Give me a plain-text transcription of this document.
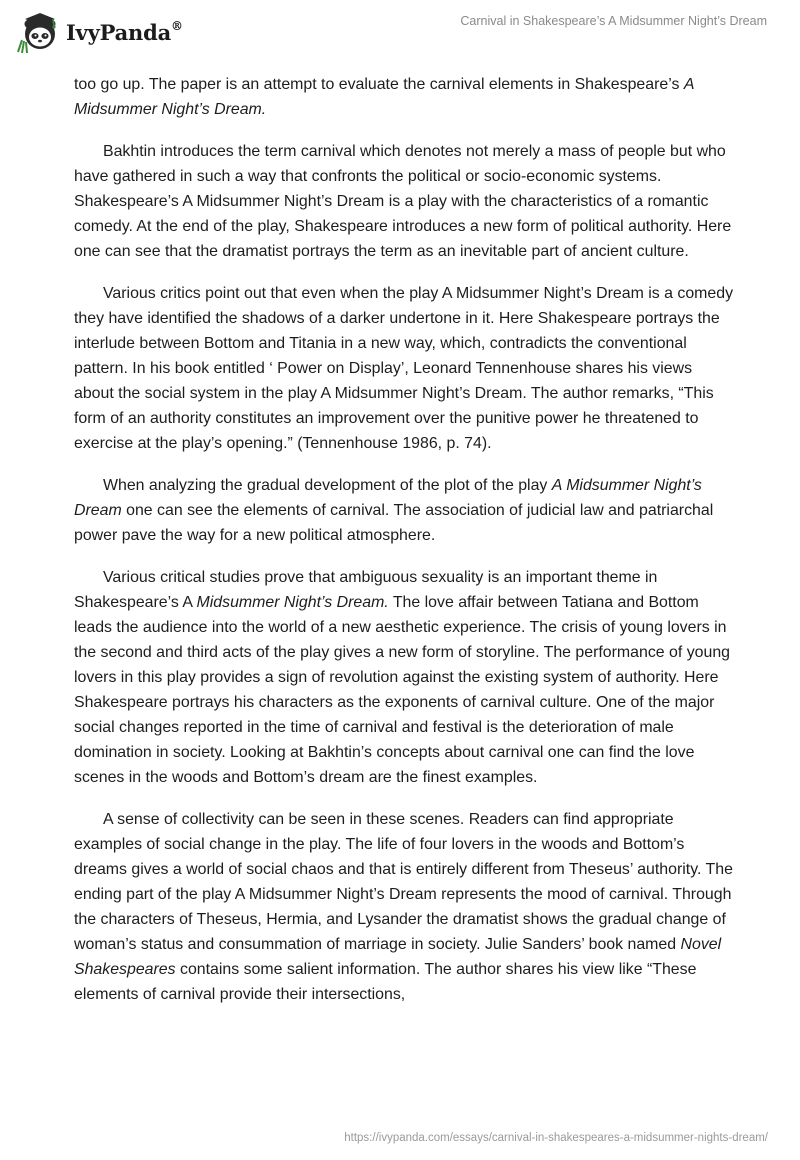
IvyPanda®	Carnival in Shakespeare’s A Midsummer Night’s Dream

too go up. The paper is an attempt to evaluate the carnival elements in Shakespeare’s A Midsummer Night’s Dream.

Bakhtin introduces the term carnival which denotes not merely a mass of people but who have gathered in such a way that confronts the political or socio-economic systems. Shakespeare’s A Midsummer Night’s Dream is a play with the characteristics of a romantic comedy. At the end of the play, Shakespeare introduces a new form of political authority. Here one can see that the dramatist portrays the term as an inevitable part of ancient culture.

Various critics point out that even when the play A Midsummer Night’s Dream is a comedy they have identified the shadows of a darker undertone in it. Here Shakespeare portrays the interlude between Bottom and Titania in a new way, which, contradicts the conventional pattern. In his book entitled ‘ Power on Display’, Leonard Tennenhouse shares his views about the social system in the play A Midsummer Night’s Dream. The author remarks, “This form of an authority constitutes an improvement over the punitive power he threatened to exercise at the play’s opening.” (Tennenhouse 1986, p. 74).

When analyzing the gradual development of the plot of the play A Midsummer Night’s Dream one can see the elements of carnival. The association of judicial law and patriarchal power pave the way for a new political atmosphere.

Various critical studies prove that ambiguous sexuality is an important theme in Shakespeare’s A Midsummer Night’s Dream. The love affair between Tatiana and Bottom leads the audience into the world of a new aesthetic experience. The crisis of young lovers in the second and third acts of the play gives a new form of storyline. The performance of young lovers in this play provides a sign of revolution against the existing system of authority. Here Shakespeare portrays his characters as the exponents of carnival culture. One of the major social changes reported in the time of carnival and festival is the deterioration of male domination in society. Looking at Bakhtin’s concepts about carnival one can find the love scenes in the woods and Bottom’s dream are the finest examples.

A sense of collectivity can be seen in these scenes. Readers can find appropriate examples of social change in the play. The life of four lovers in the woods and Bottom’s dreams gives a world of social chaos and that is entirely different from Theseus’ authority. The ending part of the play A Midsummer Night’s Dream represents the mood of carnival. Through the characters of Theseus, Hermia, and Lysander the dramatist shows the gradual change of woman’s status and consummation of marriage in society. Julie Sanders’ book named Novel Shakespeares contains some salient information. The author shares his view like “These elements of carnival provide their intersections,

https://ivypanda.com/essays/carnival-in-shakespeares-a-midsummer-nights-dream/
